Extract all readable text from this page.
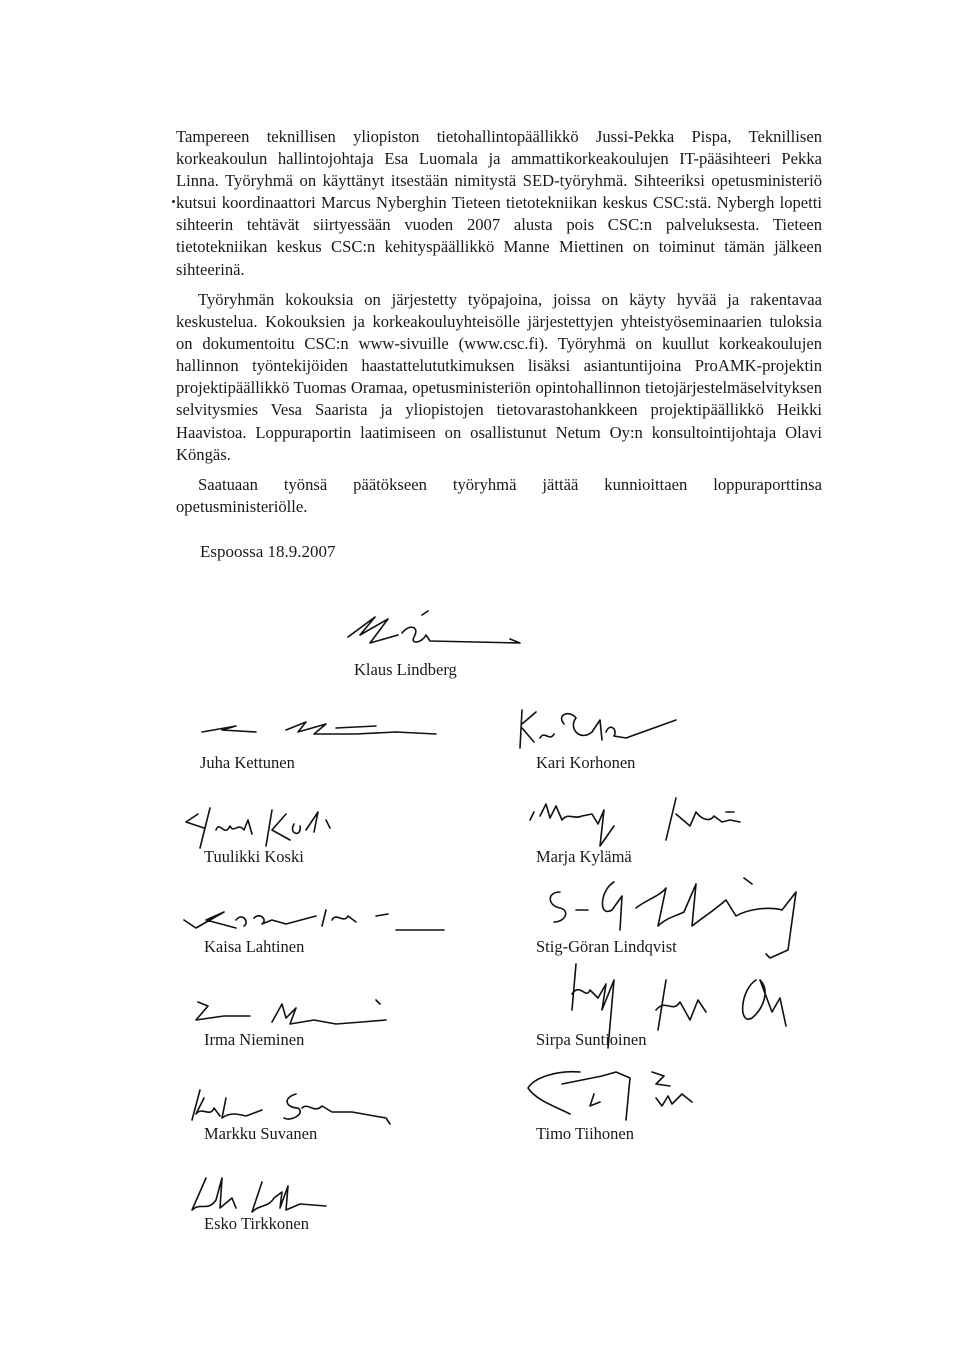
Tampereen teknillisen yliopiston tietohallintopäällikkö Jussi-Pekka Pispa, Teknillisen korkeakoulun hallintojohtaja Esa Luomala ja ammattikorkeakoulujen IT-pääsihteeri Pekka Linna. Työryhmä on käyttänyt itsestään nimitystä SED-työryhmä. Sihteeriksi opetusministeriö kutsui koordinaattori Marcus Nyberghin Tieteen tietotekniikan keskus CSC:stä. Nybergh lopetti sihteerin tehtävät siirtyessään vuoden 2007 alusta pois CSC:n palveluksesta. Tieteen tietotekniikan keskus CSC:n kehityspäällikkö Manne Miettinen on toiminut tämän jälkeen sihteerinä.
Työryhmän kokouksia on järjestetty työpajoina, joissa on käyty hyvää ja rakentavaa keskustelua. Kokouksien ja korkeakouluyhteisölle järjestettyjen yhteistyöseminaarien tuloksia on dokumentoitu CSC:n www-sivuille (www.csc.fi). Työryhmä on kuullut korkeakoulujen hallinnon työntekijöiden haastattelututkimuksen lisäksi asiantuntijoina ProAMK-projektin projektipäällikkö Tuomas Oramaa, opetusministeriön opintohallinnon tietojärjestelmäselvityksen selvitysmies Vesa Saarista ja yliopistojen tietovarastohankkeen projektipäällikkö Heikki Haavistoa. Loppuraportin laatimiseen on osallistunut Netum Oy:n konsultointijohtaja Olavi Köngäs.
Saatuaan työnsä päätökseen työryhmä jättää kunnioittaen loppuraporttinsa opetusministeriölle.
Espoossa 18.9.2007
Klaus Lindberg
Juha Kettunen
Tuulikki Koski
Kaisa Lahtinen
Irma Nieminen
Markku Suvanen
Esko Tirkkonen
Kari Korhonen
Marja Kylämä
Stig-Göran Lindqvist
Sirpa Suntioinen
Timo Tiihonen
